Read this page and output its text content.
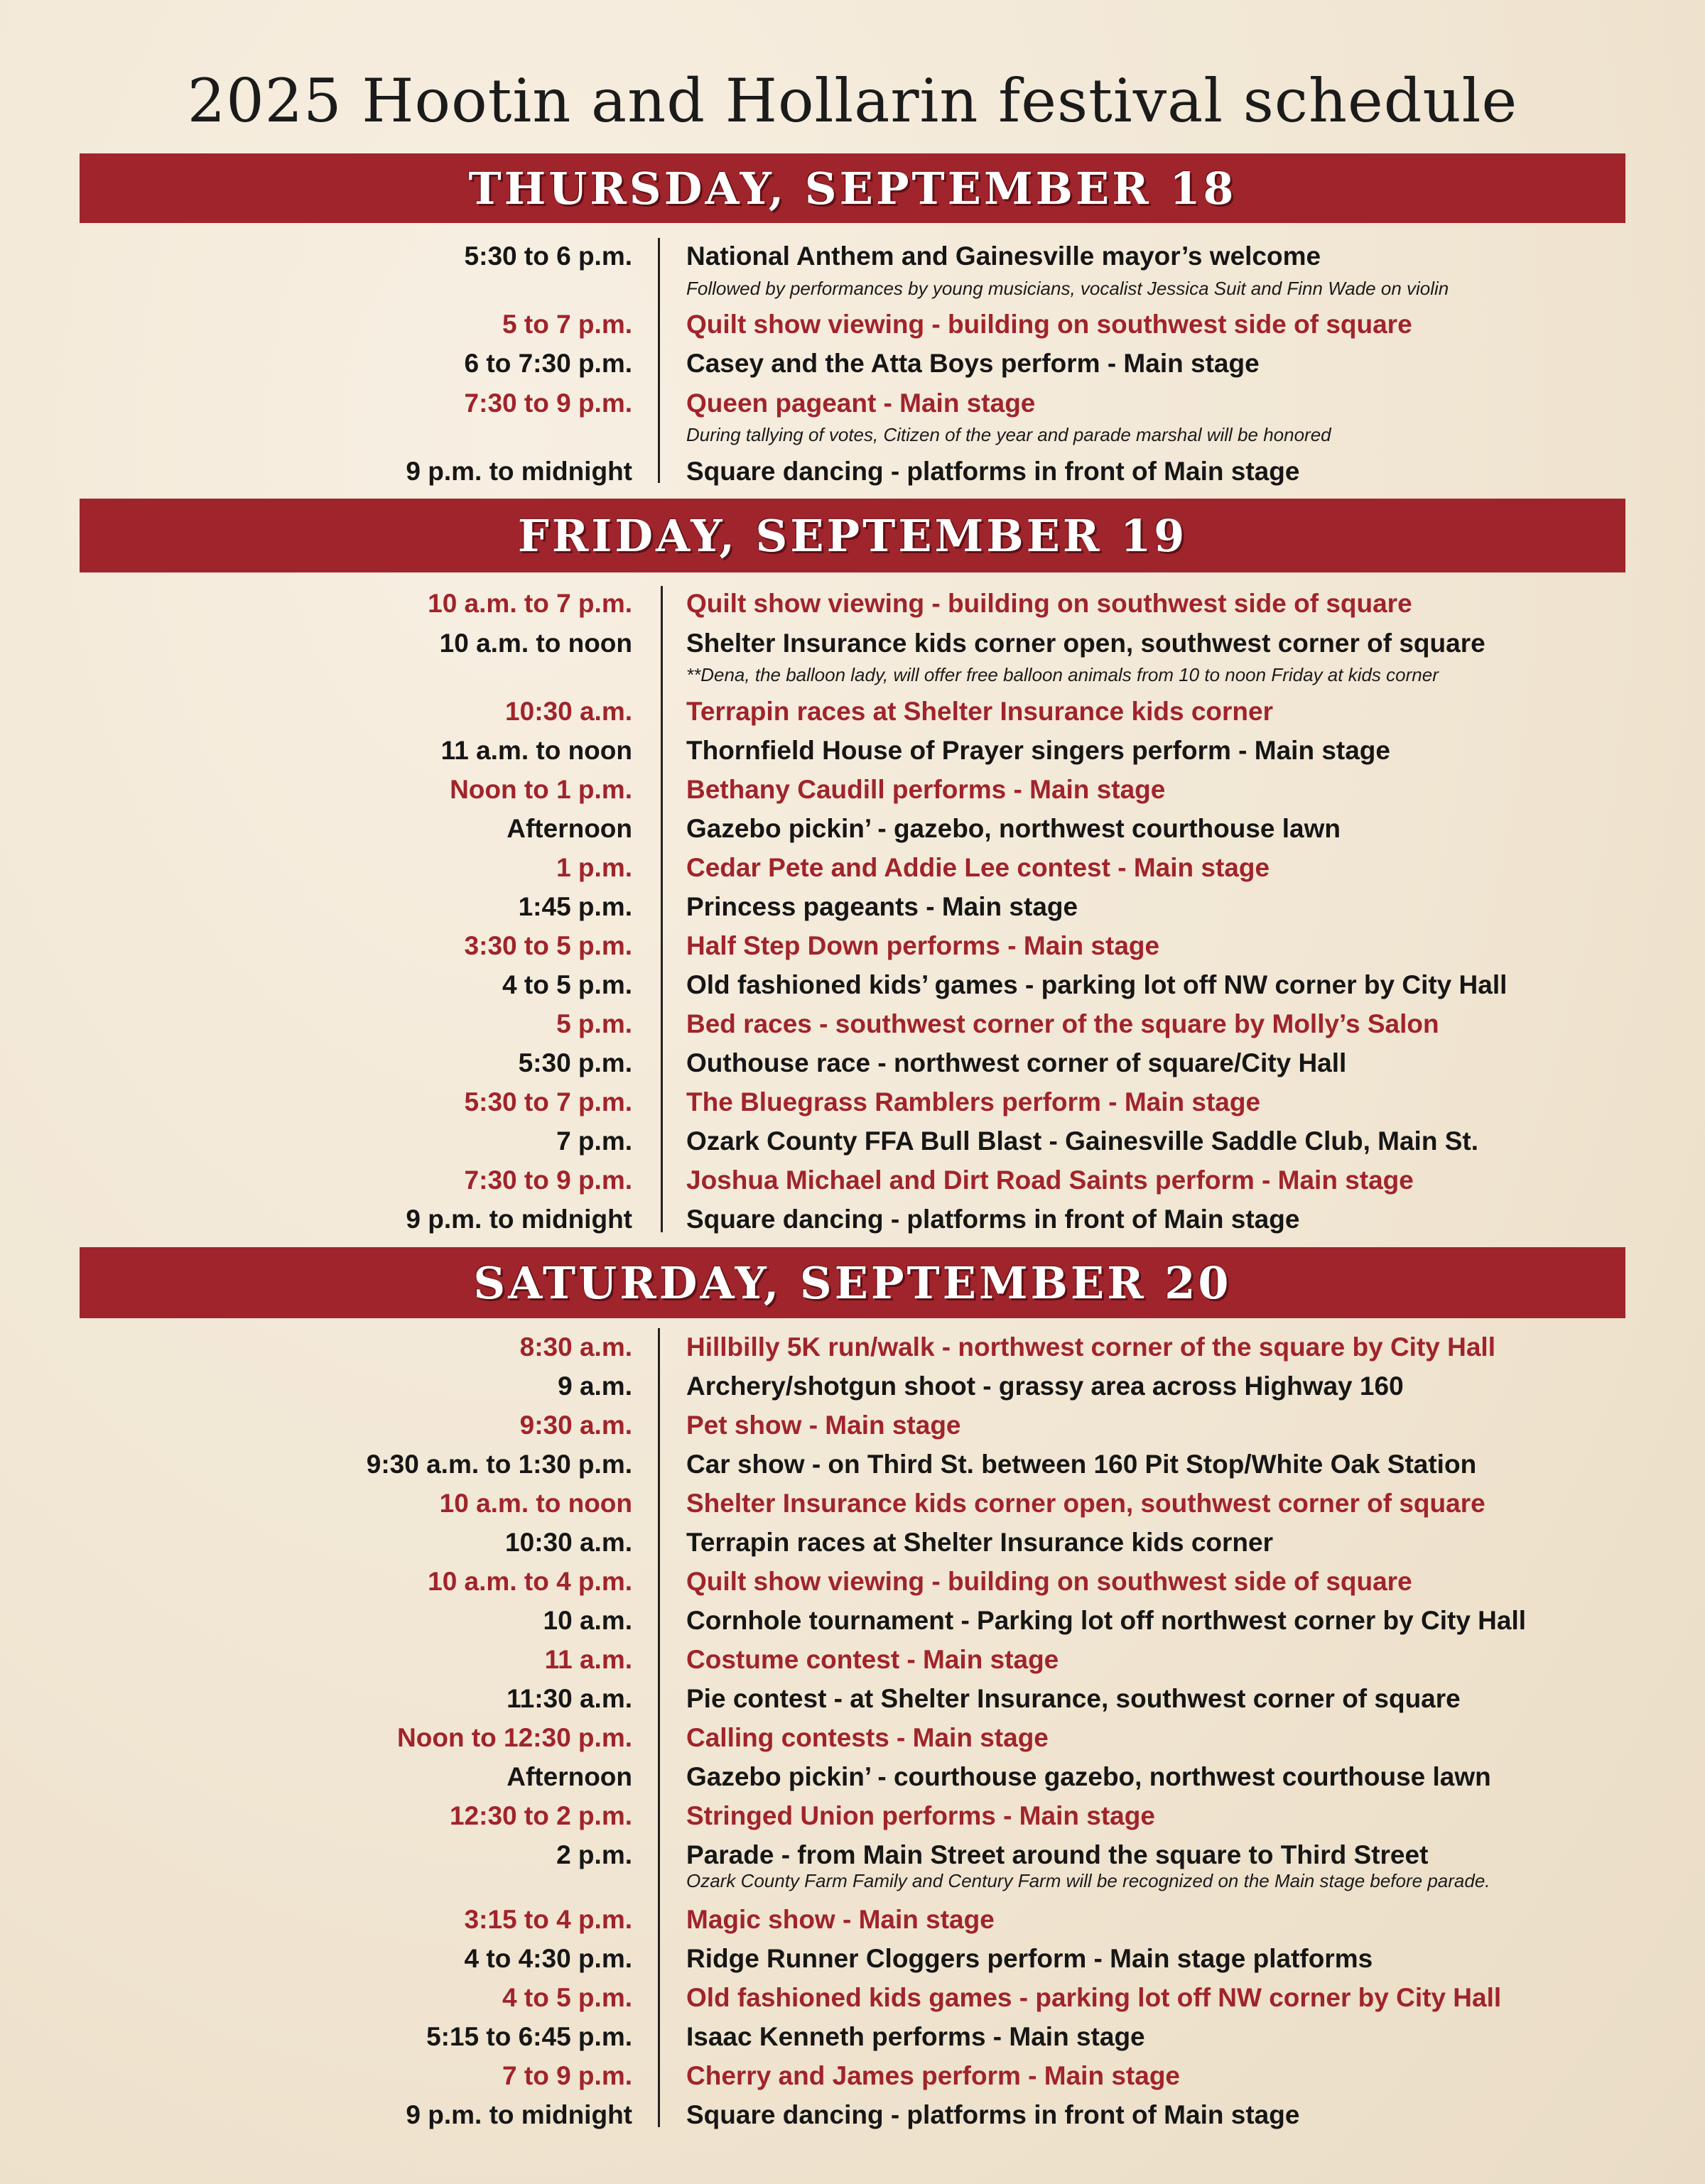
2025 Hootin and Hollarin festival schedule
THURSDAY, SEPTEMBER 18
5:30 to 6 p.m. National Anthem and Gainesville mayor’s welcome
Followed by performances by young musicians, vocalist Jessica Suit and Finn Wade on violin
5 to 7 p.m. Quilt show viewing - building on southwest side of square
6 to 7:30 p.m. Casey and the Atta Boys perform - Main stage
7:30 to 9 p.m. Queen pageant - Main stage
During tallying of votes, Citizen of the year and parade marshal will be honored
9 p.m. to midnight Square dancing - platforms in front of Main stage
FRIDAY, SEPTEMBER 19
10 a.m. to 7 p.m. Quilt show viewing - building on southwest side of square
10 a.m. to noon Shelter Insurance kids corner open, southwest corner of square
**Dena, the balloon lady, will offer free balloon animals from 10 to noon Friday at kids corner
10:30 a.m. Terrapin races at Shelter Insurance kids corner
11 a.m. to noon Thornfield House of Prayer singers perform - Main stage
Noon to 1 p.m. Bethany Caudill performs - Main stage
Afternoon Gazebo pickin’ - gazebo, northwest courthouse lawn
1 p.m. Cedar Pete and Addie Lee contest - Main stage
1:45 p.m. Princess pageants - Main stage
3:30 to 5 p.m. Half Step Down performs - Main stage
4 to 5 p.m. Old fashioned kids’ games - parking lot off NW corner by City Hall
5 p.m. Bed races - southwest corner of the square by Molly’s Salon
5:30 p.m. Outhouse race - northwest corner of square/City Hall
5:30 to 7 p.m. The Bluegrass Ramblers perform - Main stage
7 p.m. Ozark County FFA Bull Blast - Gainesville Saddle Club, Main St.
7:30 to 9 p.m. Joshua Michael and Dirt Road Saints perform - Main stage
9 p.m. to midnight Square dancing - platforms in front of Main stage
SATURDAY, SEPTEMBER 20
8:30 a.m. Hillbilly 5K run/walk - northwest corner of the square by City Hall
9 a.m. Archery/shotgun shoot - grassy area across Highway 160
9:30 a.m. Pet show - Main stage
9:30 a.m. to 1:30 p.m. Car show - on Third St. between 160 Pit Stop/White Oak Station
10 a.m. to noon Shelter Insurance kids corner open, southwest corner of square
10:30 a.m. Terrapin races at Shelter Insurance kids corner
10 a.m. to 4 p.m. Quilt show viewing - building on southwest side of square
10 a.m. Cornhole tournament - Parking lot off northwest corner by City Hall
11 a.m. Costume contest - Main stage
11:30 a.m. Pie contest - at Shelter Insurance, southwest corner of square
Noon to 12:30 p.m. Calling contests - Main stage
Afternoon Gazebo pickin’ - courthouse gazebo, northwest courthouse lawn
12:30 to 2 p.m. Stringed Union performs - Main stage
2 p.m. Parade - from Main Street around the square to Third Street
Ozark County Farm Family and Century Farm will be recognized on the Main stage before parade.
3:15 to 4 p.m. Magic show - Main stage
4 to 4:30 p.m. Ridge Runner Cloggers perform - Main stage platforms
4 to 5 p.m. Old fashioned kids games - parking lot off NW corner by City Hall
5:15 to 6:45 p.m. Isaac Kenneth performs - Main stage
7 to 9 p.m. Cherry and James perform - Main stage
9 p.m. to midnight Square dancing - platforms in front of Main stage
